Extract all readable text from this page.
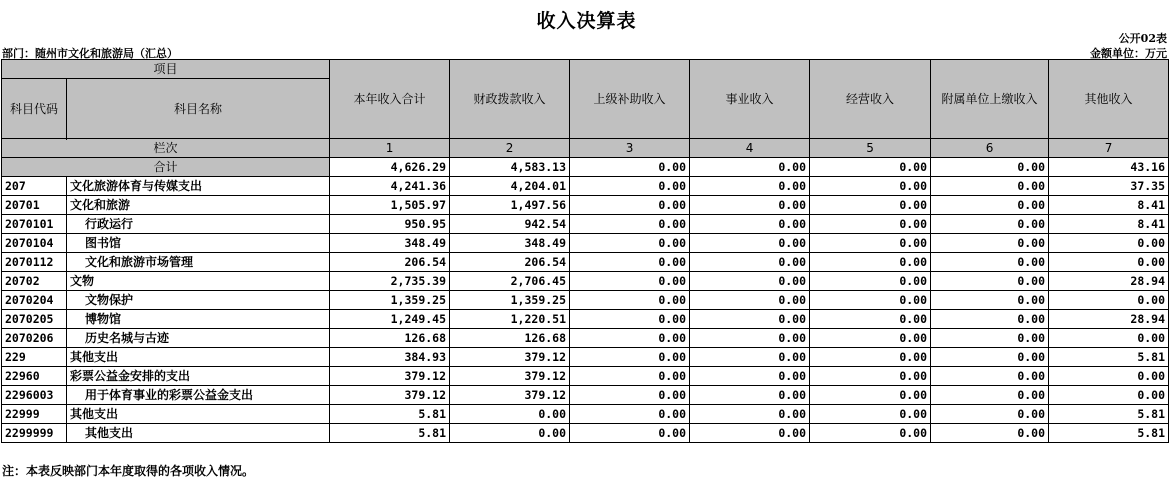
收入决算表
公开02表
部门：随州市文化和旅游局（汇总）	金额单位：万元
项目		本年收入合计	财政拨款收入	上级补助收入	事业收入	经营收入	附属单位上缴收入	其他收入
科目代码	科目名称							

栏次		1	2	3	4	5	6	7
合计		4,626.29	4,583.13	0.00	0.00	0.00	0.00	43.16
207	文化旅游体育与传媒支出	4,241.36	4,204.01	0.00	0.00	0.00	0.00	37.35
20701	文化和旅游	1,505.97	1,497.56	0.00	0.00	0.00	0.00	8.41
2070101	行政运行	950.95	942.54	0.00	0.00	0.00	0.00	8.41
2070104	图书馆	348.49	348.49	0.00	0.00	0.00	0.00	0.00
2070112	文化和旅游市场管理	206.54	206.54	0.00	0.00	0.00	0.00	0.00
20702	文物	2,735.39	2,706.45	0.00	0.00	0.00	0.00	28.94
2070204	文物保护	1,359.25	1,359.25	0.00	0.00	0.00	0.00	0.00
2070205	博物馆	1,249.45	1,220.51	0.00	0.00	0.00	0.00	28.94
2070206	历史名城与古迹	126.68	126.68	0.00	0.00	0.00	0.00	0.00
229	其他支出	384.93	379.12	0.00	0.00	0.00	0.00	5.81
22960	彩票公益金安排的支出	379.12	379.12	0.00	0.00	0.00	0.00	0.00
2296003	用于体育事业的彩票公益金支出	379.12	379.12	0.00	0.00	0.00	0.00	0.00
22999	其他支出	5.81	0.00	0.00	0.00	0.00	0.00	5.81
2299999	其他支出	5.81	0.00	0.00	0.00	0.00	0.00	5.81
注：本表反映部门本年度取得的各项收入情况。
